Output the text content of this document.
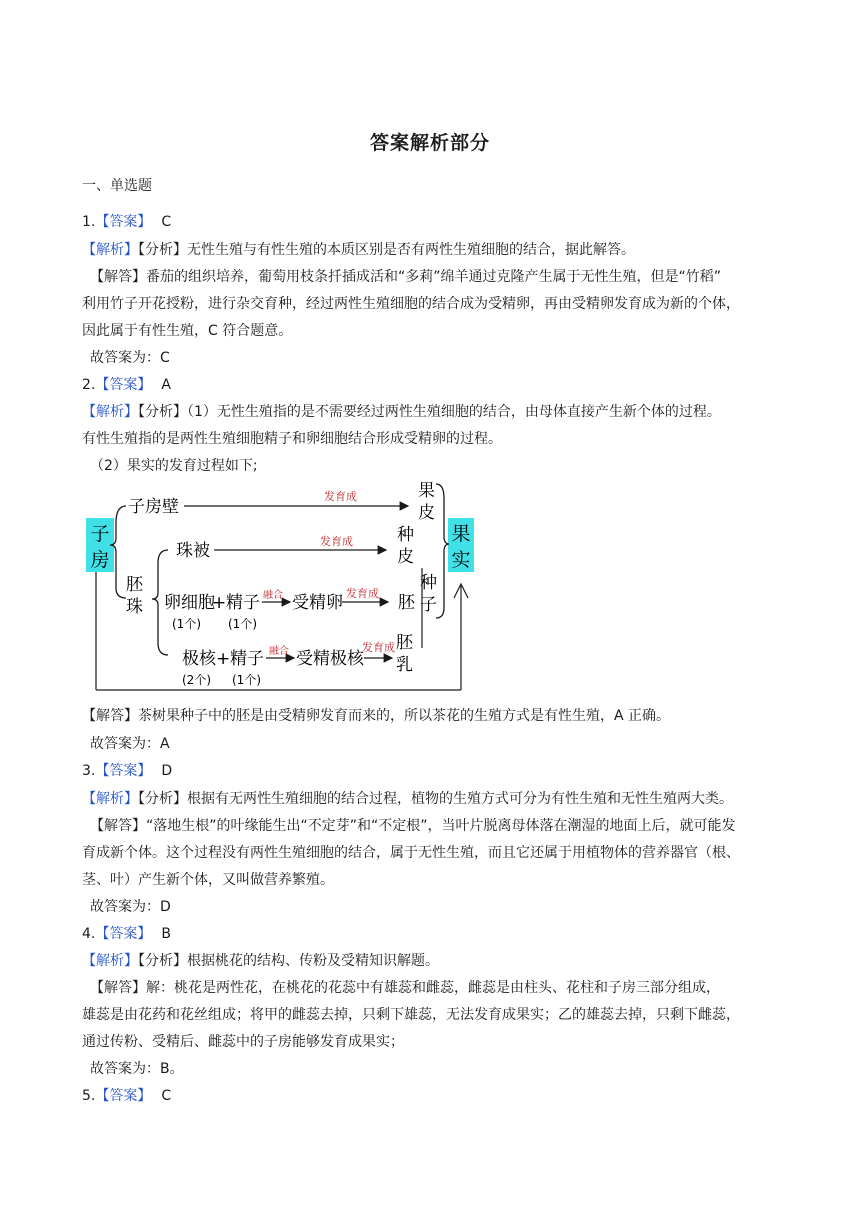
答案解析部分
一、单选题
1.【答案】 C
【解析】【分析】无性生殖与有性生殖的本质区别是否有两性生殖细胞的结合，据此解答。
【解答】番茄的组织培养，葡萄用枝条扦插成活和“多莉”绵羊通过克隆产生属于无性生殖，但是“竹稻”
利用竹子开花授粉，进行杂交育种，经过两性生殖细胞的结合成为受精卵，再由受精卵发育成为新的个体，
因此属于有性生殖，C 符合题意。
故答案为：C
2.【答案】 A
【解析】【分析】（1）无性生殖指的是不需要经过两性生殖细胞的结合，由母体直接产生新个体的过程。
有性生殖指的是两性生殖细胞精子和卵细胞结合形成受精卵的过程。
（2）果实的发育过程如下;
子
房
果
实
子房壁
胚
珠
发育成	果
皮
珠被	发育成	种
皮
卵细胞
+ 精子
(1个) (1个)
融合 受精卵 发育成 胚
极核 + 精子
(2个) (1个)
融合 受精极核
发育成 胚
乳
种
子
【解答】茶树果种子中的胚是由受精卵发育而来的，所以茶花的生殖方式是有性生殖，A 正确。
故答案为：A
3.【答案】 D
【解析】【分析】根据有无两性生殖细胞的结合过程，植物的生殖方式可分为有性生殖和无性生殖两大类。
【解答】“落地生根”的叶缘能生出“不定芽”和“不定根”，当叶片脱离母体落在潮湿的地面上后，就可能发
育成新个体。这个过程没有两性生殖细胞的结合，属于无性生殖，而且它还属于用植物体的营养器官（根、
茎、叶）产生新个体，又叫做营养繁殖。
故答案为：D
4.【答案】 B
【解析】【分析】根据桃花的结构、传粉及受精知识解题。
【解答】解：桃花是两性花，在桃花的花蕊中有雄蕊和雌蕊，雌蕊是由柱头、花柱和子房三部分组成，
雄蕊是由花药和花丝组成；将甲的雌蕊去掉，只剩下雄蕊，无法发育成果实；乙的雄蕊去掉，只剩下雌蕊，
通过传粉、受精后、雌蕊中的子房能够发育成果实；
故答案为：B。
5.【答案】 C
